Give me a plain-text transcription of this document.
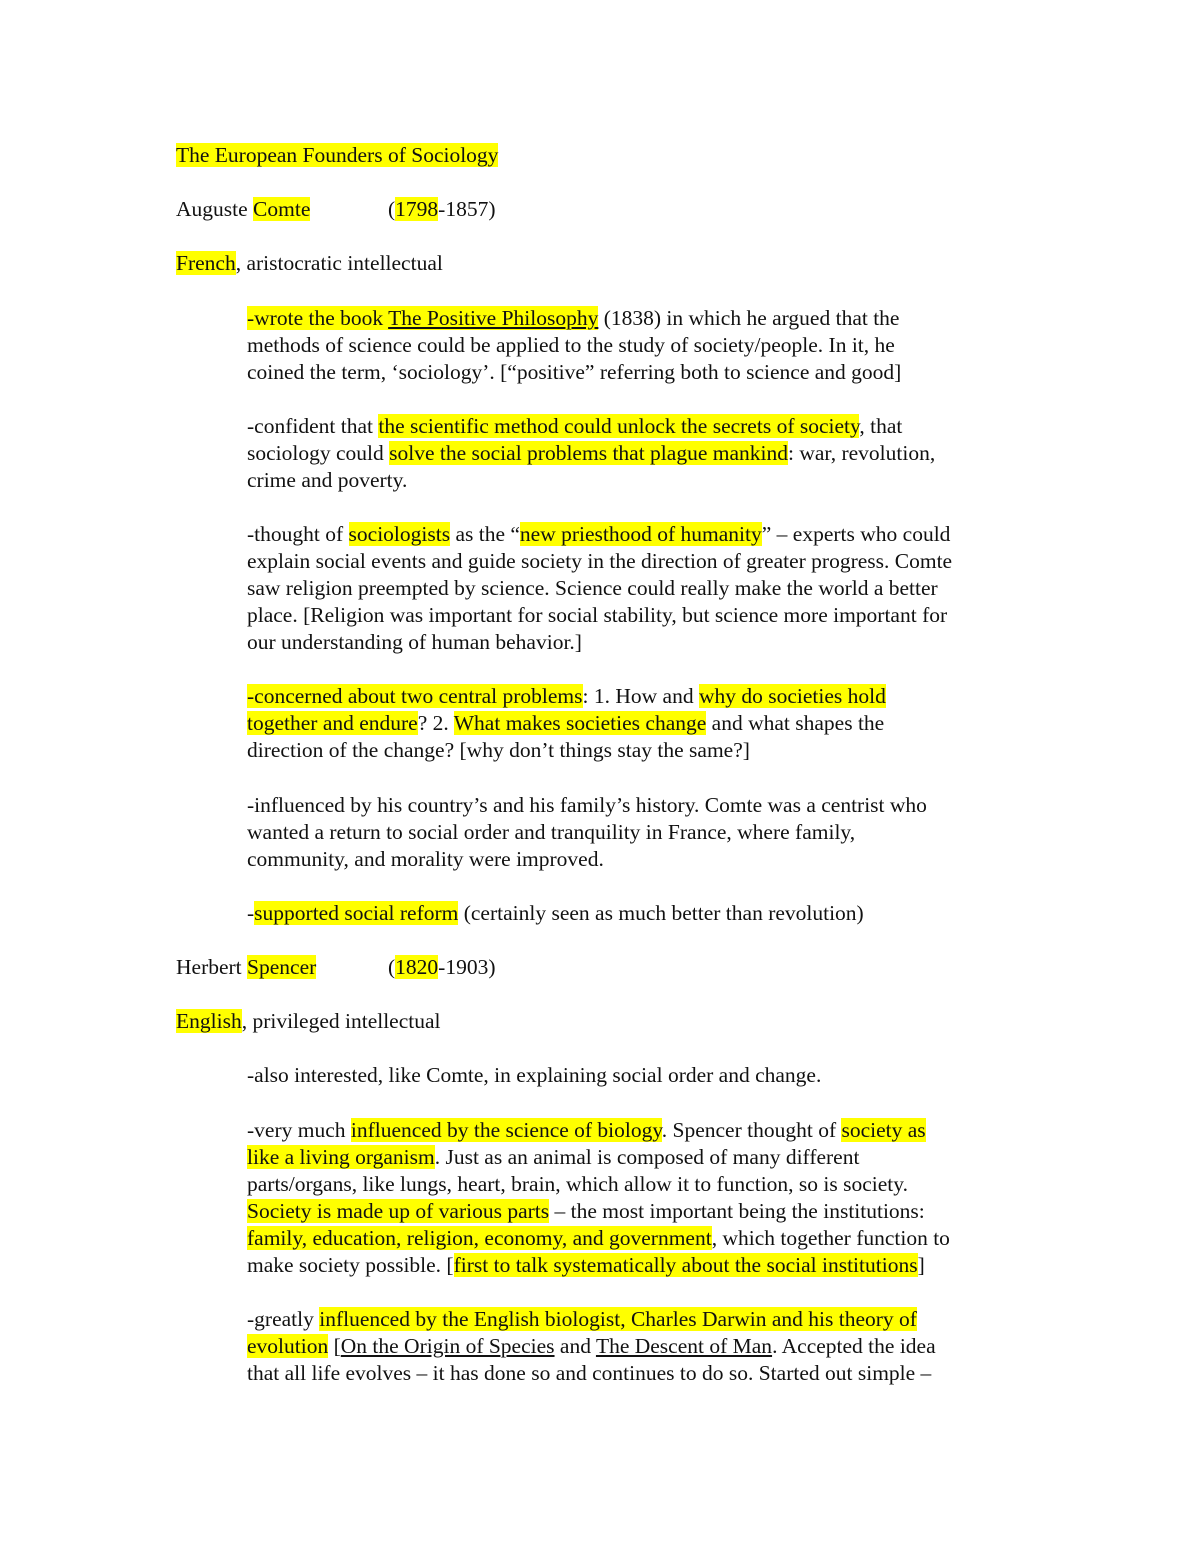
The European Founders of Sociology
Auguste Comte	(1798-1857)
French, aristocratic intellectual
-wrote the book The Positive Philosophy (1838) in which he argued that the
methods of science could be applied to the study of society/people. In it, he
coined the term, ‘sociology’. [“positive” referring both to science and good]
-confident that the scientific method could unlock the secrets of society, that
sociology could solve the social problems that plague mankind: war, revolution,
crime and poverty.
-thought of sociologists as the “new priesthood of humanity” – experts who could
explain social events and guide society in the direction of greater progress. Comte
saw religion preempted by science. Science could really make the world a better
place. [Religion was important for social stability, but science more important for
our understanding of human behavior.]
-concerned about two central problems: 1. How and why do societies hold
together and endure? 2. What makes societies change and what shapes the
direction of the change? [why don’t things stay the same?]
-influenced by his country’s and his family’s history. Comte was a centrist who
wanted a return to social order and tranquility in France, where family,
community, and morality were improved.
-supported social reform (certainly seen as much better than revolution)
Herbert Spencer	(1820-1903)
English, privileged intellectual
-also interested, like Comte, in explaining social order and change.
-very much influenced by the science of biology. Spencer thought of society as
like a living organism. Just as an animal is composed of many different
parts/organs, like lungs, heart, brain, which allow it to function, so is society.
Society is made up of various parts – the most important being the institutions:
family, education, religion, economy, and government, which together function to
make society possible. [first to talk systematically about the social institutions]
-greatly influenced by the English biologist, Charles Darwin and his theory of
evolution [On the Origin of Species and The Descent of Man. Accepted the idea
that all life evolves – it has done so and continues to do so. Started out simple –
